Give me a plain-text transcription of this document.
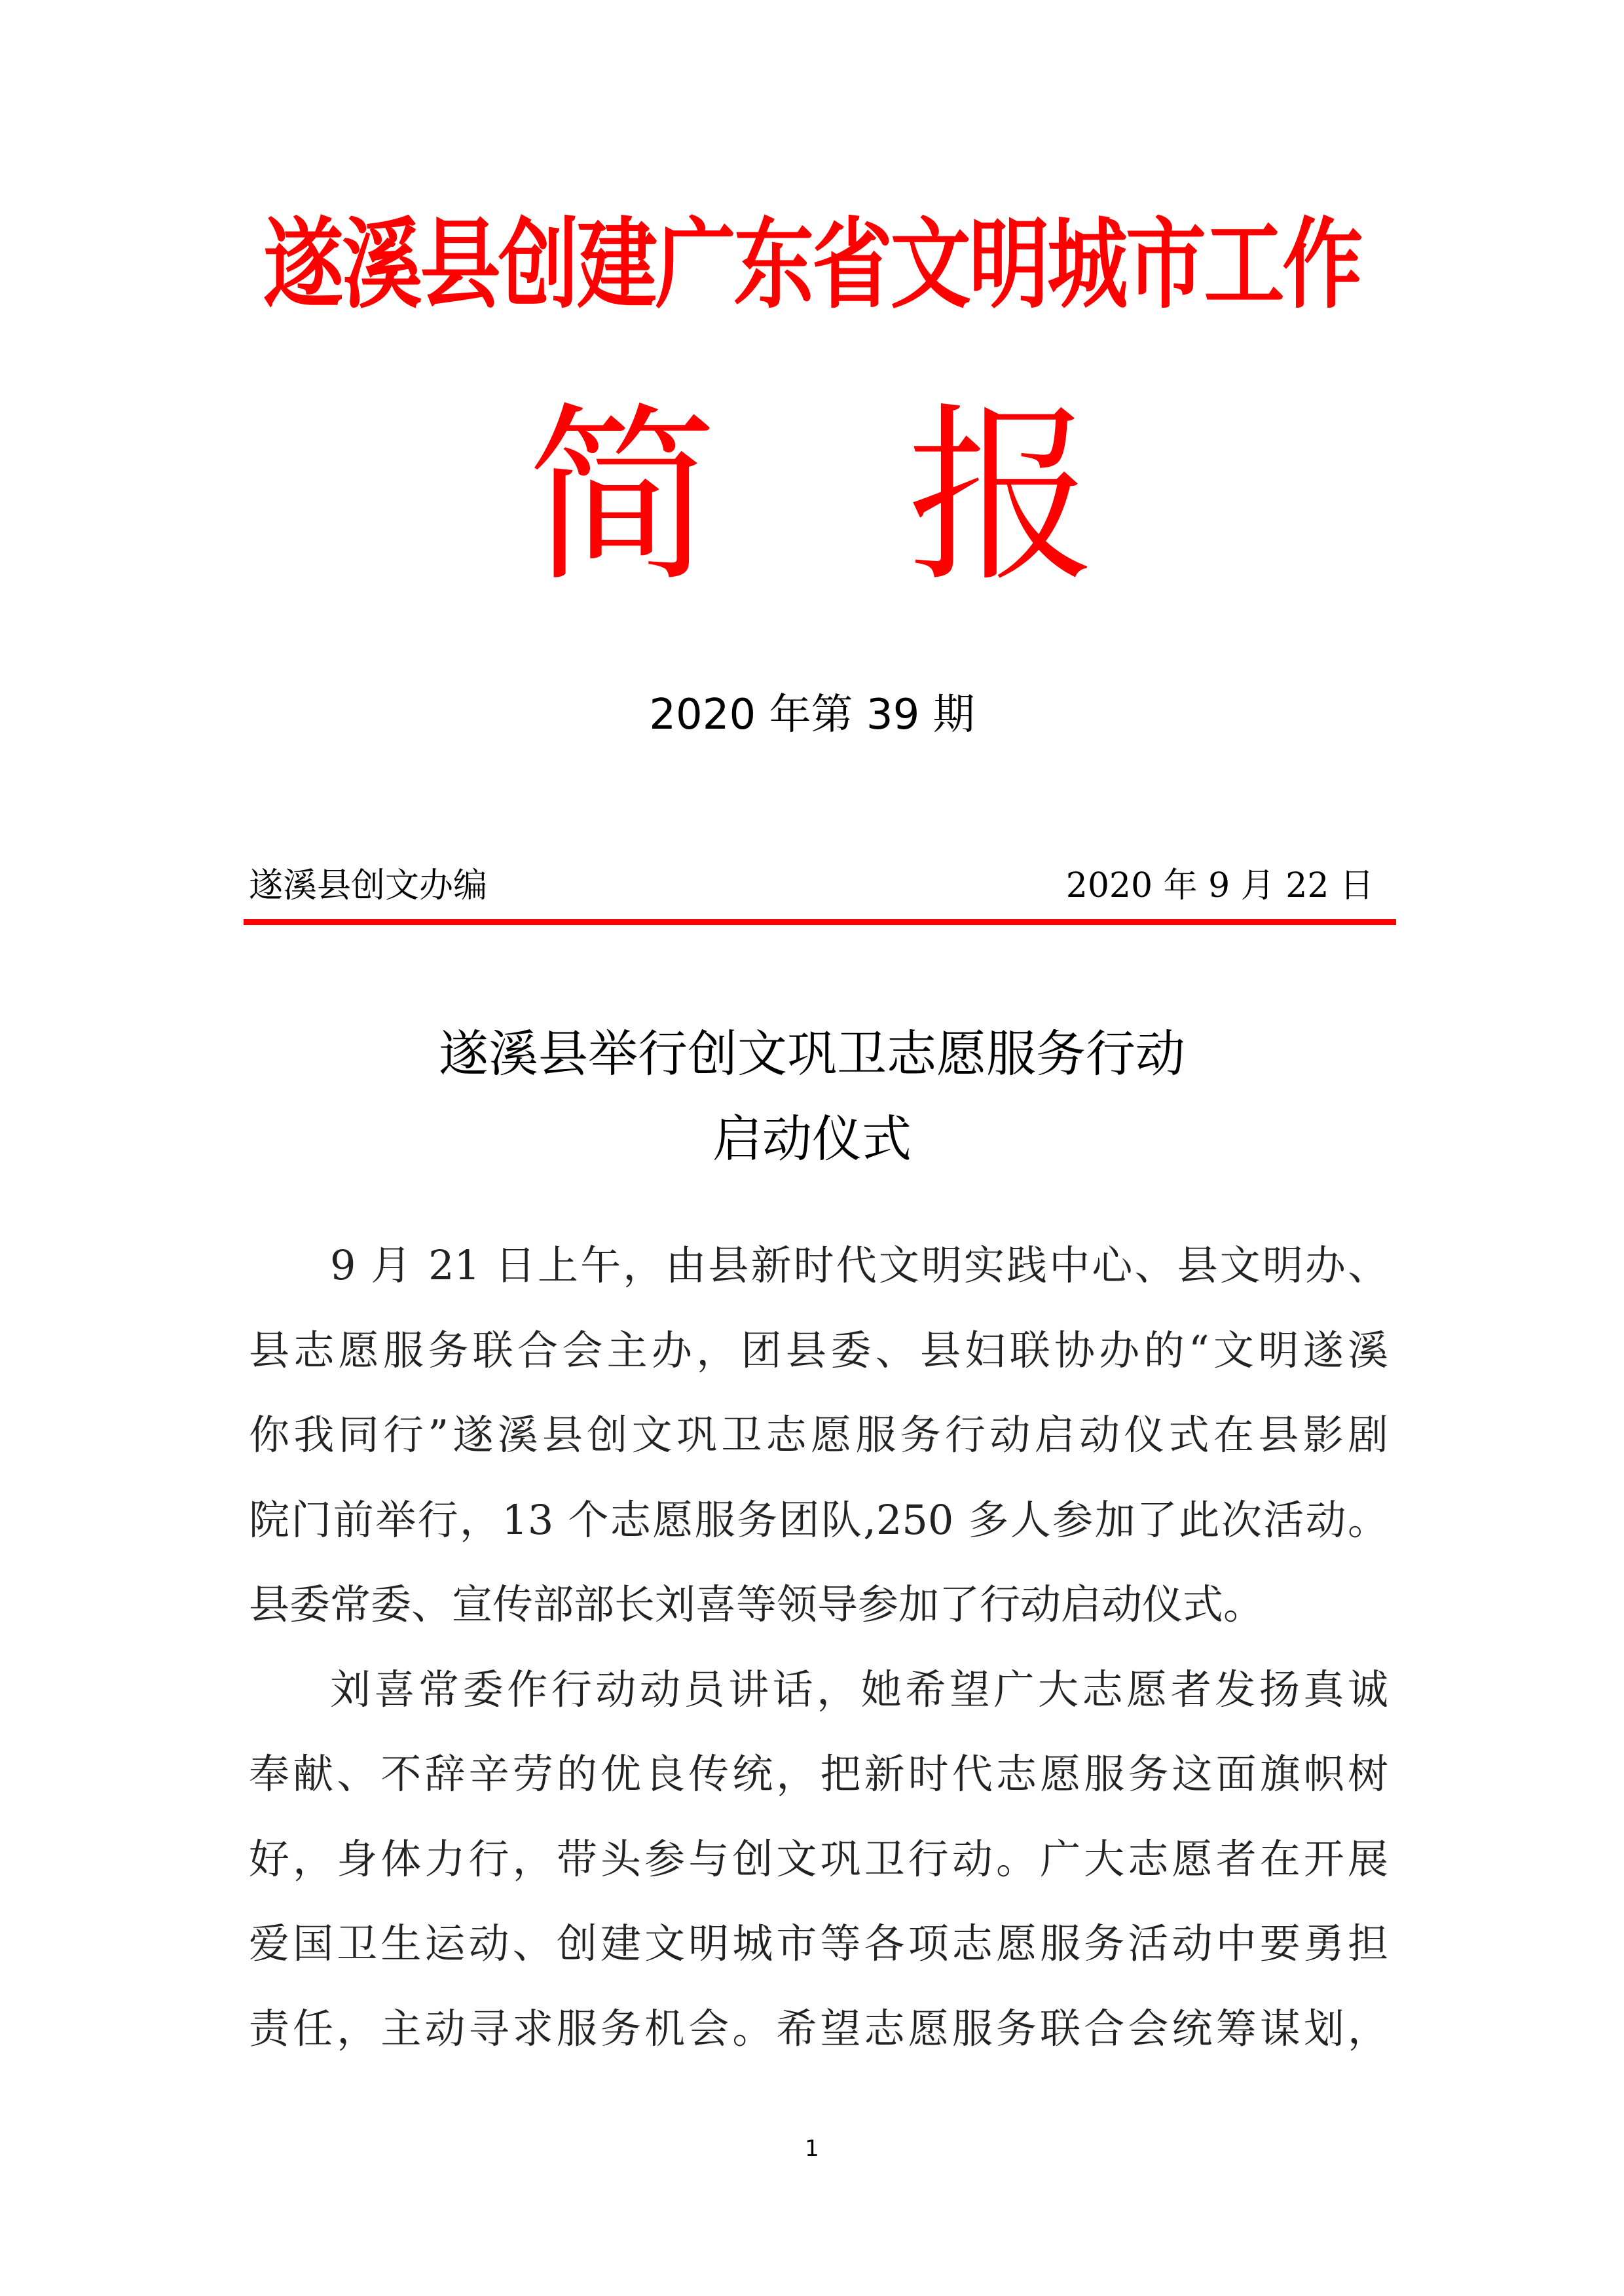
遂溪县创建广东省文明城市工作
简 报
2020 年第 39 期
遂溪县创文办编	2020 年 9 月 22 日
遂溪县举行创文巩卫志愿服务行动
启动仪式
9 月 21 日上午，由县新时代文明实践中心、县文明办、
县志愿服务联合会主办，团县委、县妇联协办的“文明遂溪
你我同行”遂溪县创文巩卫志愿服务行动启动仪式在县影剧
院门前举行，13 个志愿服务团队,250 多人参加了此次活动。
县委常委、宣传部部长刘喜等领导参加了行动启动仪式。
刘喜常委作行动动员讲话，她希望广大志愿者发扬真诚
奉献、不辞辛劳的优良传统，把新时代志愿服务这面旗帜树
好，身体力行，带头参与创文巩卫行动。广大志愿者在开展
爱国卫生运动、创建文明城市等各项志愿服务活动中要勇担
责任，主动寻求服务机会。希望志愿服务联合会统筹谋划，
1
